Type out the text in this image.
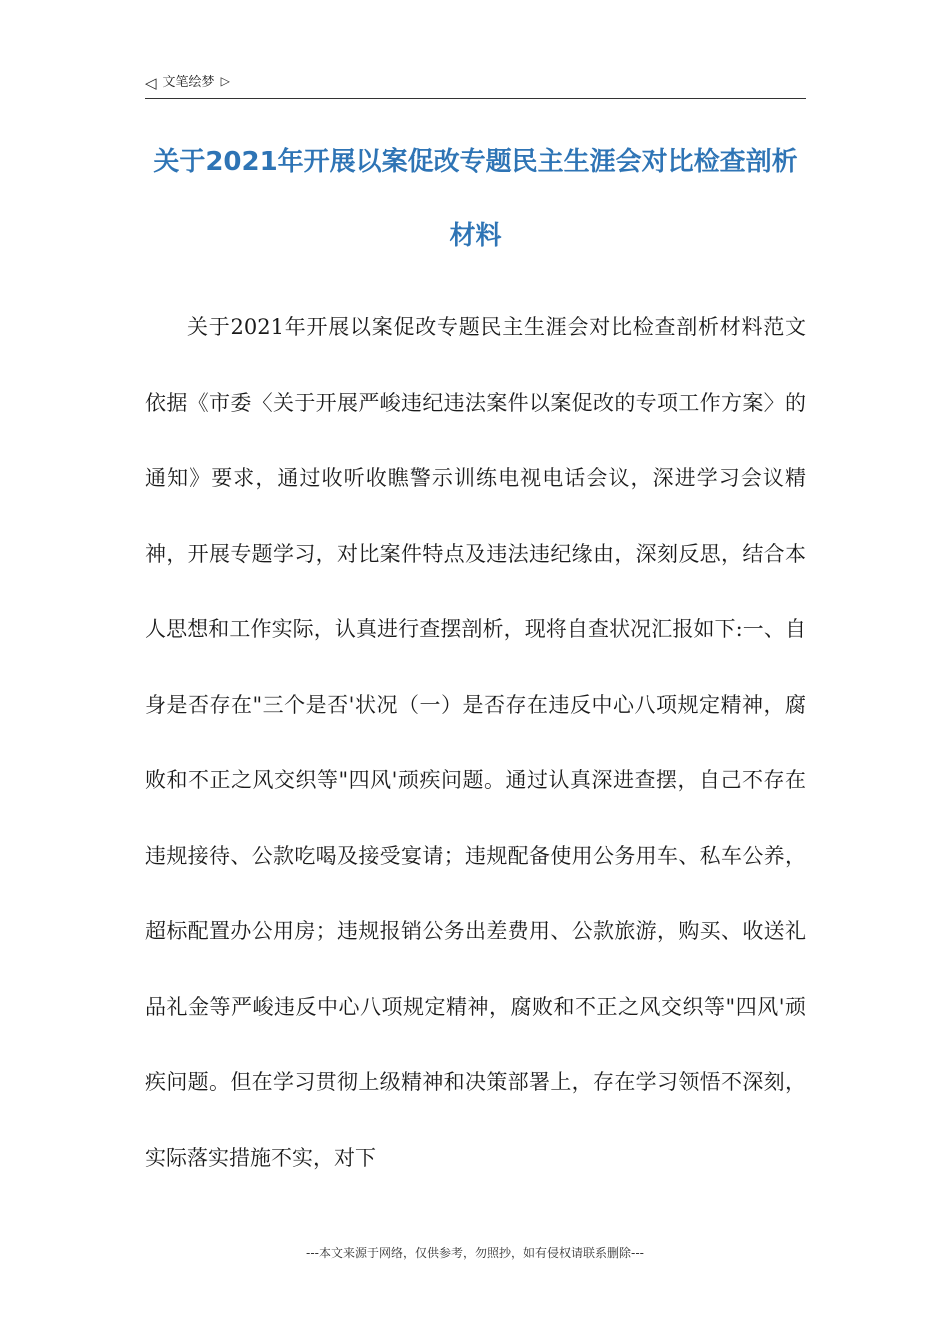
◁ 文笔绘梦 ▷
关于2021年开展以案促改专题民主生涯会对比检查剖析材料

关于2021年开展以案促改专题民主生涯会对比检查剖析材料范文依据《市委〈关于开展严峻违纪违法案件以案促改的专项工作方案〉的通知》要求，通过收听收瞧警示训练电视电话会议，深进学习会议精神，开展专题学习，对比案件特点及违法违纪缘由，深刻反思，结合本人思想和工作实际，认真进行查摆剖析，现将自查状况汇报如下:一、自身是否存在"三个是否'状况（一）是否存在违反中心八项规定精神，腐败和不正之风交织等"四风'顽疾问题。通过认真深进查摆，自己不存在违规接待、公款吃喝及接受宴请；违规配备使用公务用车、私车公养，超标配置办公用房；违规报销公务出差费用、公款旅游，购买、收送礼品礼金等严峻违反中心八项规定精神，腐败和不正之风交织等"四风'顽疾问题。但在学习贯彻上级精神和决策部署上，存在学习领悟不深刻，实际落实措施不实，对下

---本文来源于网络，仅供参考，勿照抄，如有侵权请联系删除---
